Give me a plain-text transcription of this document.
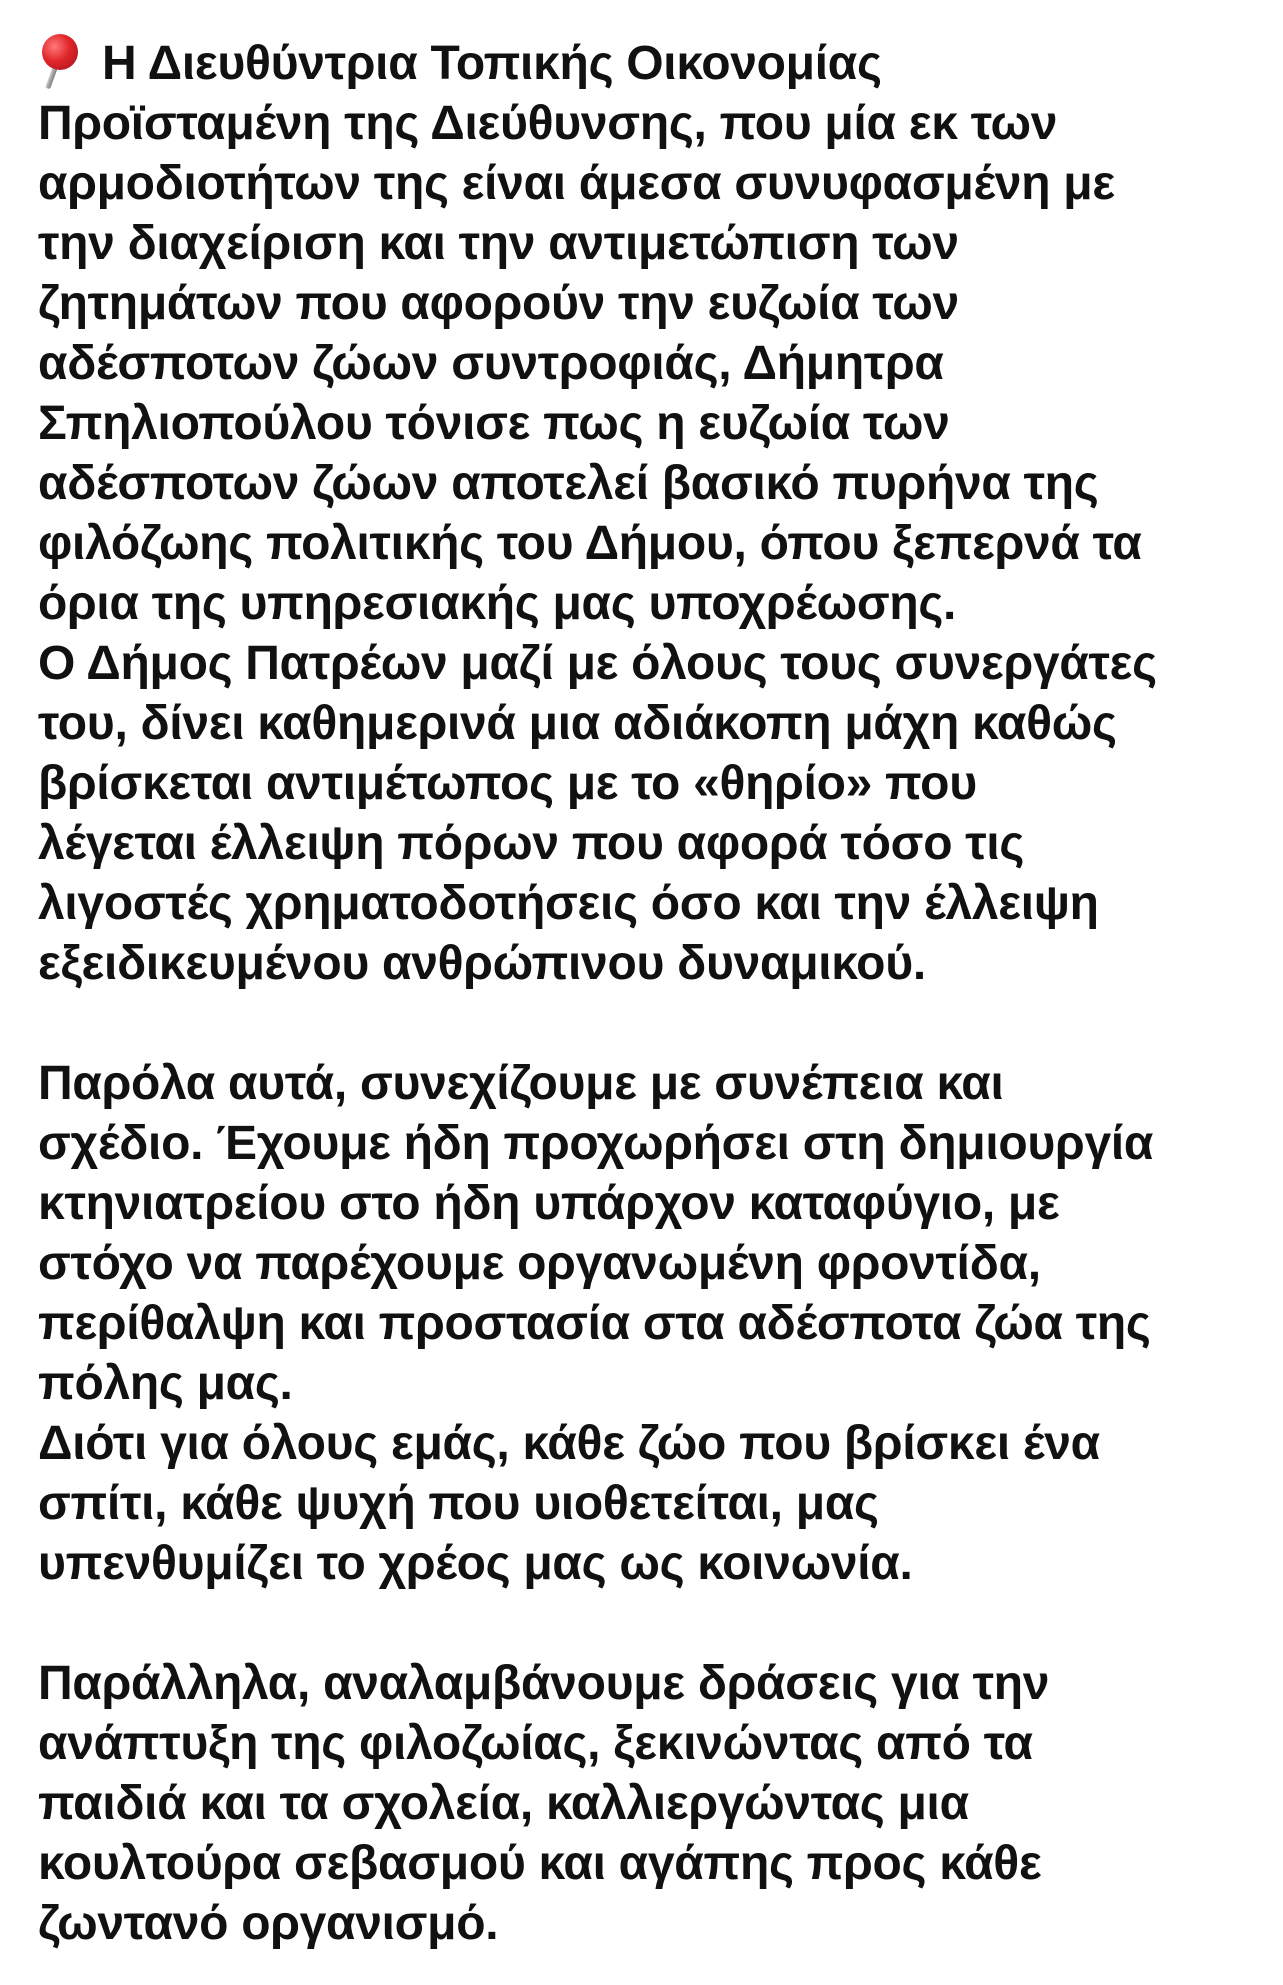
Η Διευθύντρια Τοπικής Οικονομίας
Προϊσταμένη της Διεύθυνσης, που μία εκ των
αρμοδιοτήτων της είναι άμεσα συνυφασμένη με
την διαχείριση και την αντιμετώπιση των
ζητημάτων που αφορούν την ευζωία των
αδέσποτων ζώων συντροφιάς, Δήμητρα
Σπηλιοπούλου τόνισε πως η ευζωία των
αδέσποτων ζώων αποτελεί βασικό πυρήνα της
φιλόζωης πολιτικής του Δήμου, όπου ξεπερνά τα
όρια της υπηρεσιακής μας υποχρέωσης.
Ο Δήμος Πατρέων μαζί με όλους τους συνεργάτες
του, δίνει καθημερινά μια αδιάκοπη μάχη καθώς
βρίσκεται αντιμέτωπος με το «θηρίο» που
λέγεται έλλειψη πόρων που αφορά τόσο τις
λιγοστές χρηματοδοτήσεις όσο και την έλλειψη
εξειδικευμένου ανθρώπινου δυναμικού.
Παρόλα αυτά, συνεχίζουμε με συνέπεια και
σχέδιο. Έχουμε ήδη προχωρήσει στη δημιουργία
κτηνιατρείου στο ήδη υπάρχον καταφύγιο, με
στόχο να παρέχουμε οργανωμένη φροντίδα,
περίθαλψη και προστασία στα αδέσποτα ζώα της
πόλης μας.
Διότι για όλους εμάς, κάθε ζώο που βρίσκει ένα
σπίτι, κάθε ψυχή που υιοθετείται, μας
υπενθυμίζει το χρέος μας ως κοινωνία.
Παράλληλα, αναλαμβάνουμε δράσεις για την
ανάπτυξη της φιλοζωίας, ξεκινώντας από τα
παιδιά και τα σχολεία, καλλιεργώντας μια
κουλτούρα σεβασμού και αγάπης προς κάθε
ζωντανό οργανισμό.
